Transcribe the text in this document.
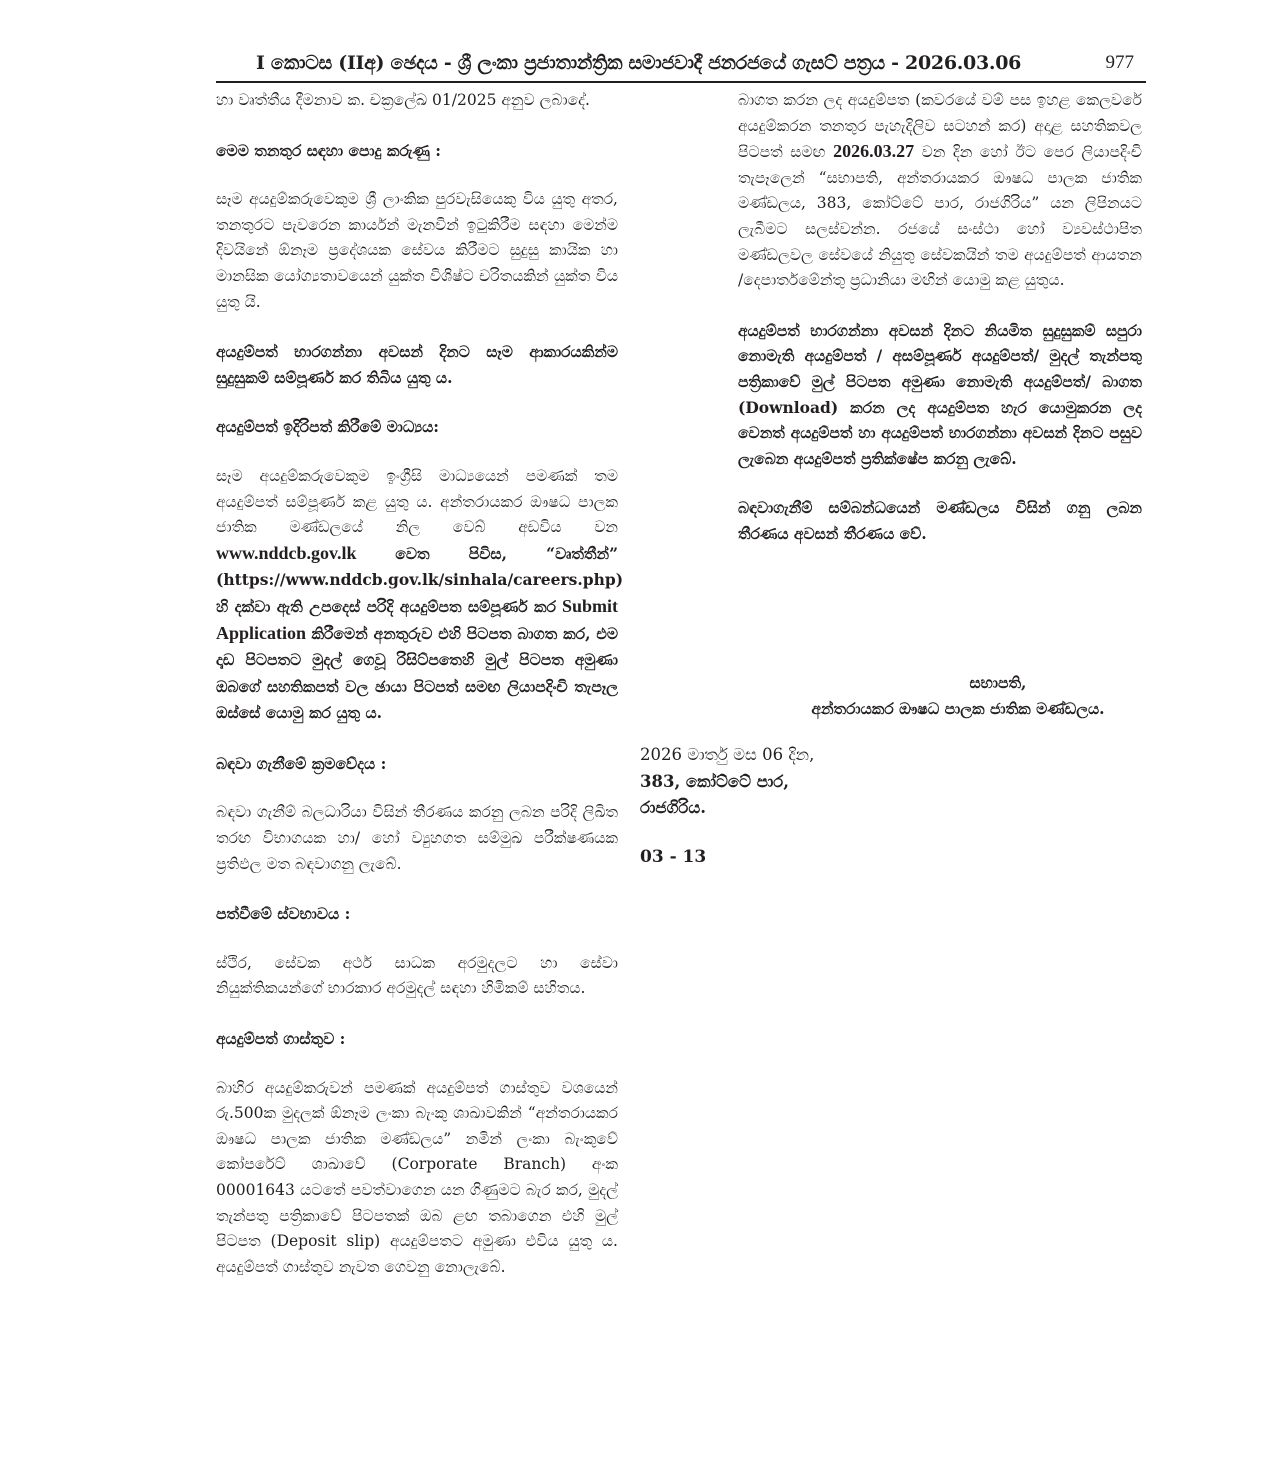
I කොටස (IIඅ) ඡෙදය - ශ්‍රී ලංකා ප්‍රජාතාන්ත්‍රික සමාජවාදී ජනරජයේ ගැසට් පත්‍රය - 2026.03.06	977

හා වෘත්තීය දීමනාව ක. චක්‍රලේඛ 01/2025 අනුව ලබාදේ.

මෙම තනතුර සඳහා පොදු කරුණු :

සෑම අයදුම්කරුවෙකුම ශ්‍රී ලාංකික පුරවැසියෙකු විය යුතු අතර, තනතුරට පැවරෙන කාර්යන් මැනවින් ඉටුකිරීම සඳහා මෙන්ම දිවයිනේ ඕනෑම ප්‍රදේශයක සේවය කිරීමට සුදුසු කායික හා මානසික යෝග්‍යතාවයෙන් යුක්ත විශිෂ්ට චරිතයකින් යුක්ත විය යුතු යි.

අයදුම්පත් භාරගන්නා අවසන් දිනට සෑම ආකාරයකින්ම සුදුසුකම් සම්පූර්ණ කර තිබිය යුතු ය.

අයදුම්පත් ඉදිරිපත් කිරීමේ මාධ්‍යය:

සෑම අයදුම්කරුවෙකුම ඉංග්‍රීසි මාධ්‍යයෙන් පමණක් තම අයදුම්පත් සම්පූර්ණ කළ යුතු ය. අන්තරායකර ඖෂධ පාලක ජාතික මණ්ඩලයේ නිල වෙබ් අඩවිය වන www.nddcb.gov.lk වෙත පිවිස, “වෘත්තීන්” (https://www.nddcb.gov.lk/sinhala/careers.php) හි දක්වා ඇති උපදෙස් පරිදි අයදුම්පත සම්පූර්ණ කර Submit Application කිරීමෙන් අනතුරුව එහි පිටපත බාගත කර, එම දෘඩ පිටපතට මුදල් ගෙවූ රිසිට්පතෙහි මුල් පිටපත අමුණා ඔබගේ සහතිකපත් වල ඡායා පිටපත් සමඟ ලියාපදිංචි තැපෑල ඔස්සේ යොමු කර යුතු ය.

බඳවා ගැනීමේ ක්‍රමවේදය :

බඳවා ගැනීම් බලධාරියා විසින් තීරණය කරනු ලබන පරිදි ලිඛිත තරඟ විභාගයක හා/ හෝ ව්‍යුහගත සම්මුඛ පරීක්ෂණයක ප්‍රතිඵල මත බඳවාගනු ලැබේ.

පත්වීමේ ස්වභාවය :

ස්ථිර, සේවක අර්ථ සාධක අරමුදලට හා සේවා නියුක්තිකයන්ගේ භාරකාර අරමුදල් සඳහා හිමිකම් සහිතය.

අයදුම්පත් ගාස්තුව :

බාහිර අයදුම්කරුවන් පමණක් අයදුම්පත් ගාස්තුව වශයෙන් රු.500ක මුදලක් ඕනෑම ලංකා බැංකු ශාඛාවකින් “අන්තරායකර ඖෂධ පාලක ජාතික මණ්ඩලය” නමින් ලංකා බැංකුවේ කෝපරේට් ශාඛාවේ (Corporate Branch) අංක 00001643 යටතේ පවත්වාගෙන යන ගිණුමට බැර කර, මුදල් තැන්පතු පත්‍රිකාවේ පිටපතක් ඔබ ළඟ තබාගෙන එහි මුල් පිටපත (Deposit slip) අයදුම්පතට අමුණා එවිය යුතු ය. අයදුම්පත් ගාස්තුව නැවත ගෙවනු නොලැබේ.

බාගත කරන ලද අයදුම්පත (කවරයේ වම් පස ඉහළ කෙලවරේ අයදුම්කරන තනතුර පැහැදිලිව සටහන් කර) අදාළ සහතිකවල පිටපත් සමඟ 2026.03.27 වන දින හෝ ඊට පෙර ලියාපදිංචි තැපෑලෙන් “සභාපති, අන්තරායකර ඖෂධ පාලක ජාතික මණ්ඩලය, 383, කෝට්ටේ පාර, රාජගිරිය” යන ලිපිනයට ලැබීමට සලස්වන්න. රජයේ සංස්ථා හෝ ව්‍යවස්ථාපිත මණ්ඩලවල සේවයේ නියුතු සේවකයින් තම අයදුම්පත් ආයතන /දෙපාර්තමේන්තු ප්‍රධානියා මඟින් යොමු කළ යුතුය.

අයදුම්පත් භාරගන්නා අවසන් දිනට නියමිත සුදුසුකම් සපුරා නොමැති අයදුම්පත් / අසම්පූර්ණ අයදුම්පත්/ මුදල් තැන්පතු පත්‍රිකාවේ මුල් පිටපත අමුණා නොමැති අයදුම්පත්/ බාගත (Download) කරන ලද අයදුම්පත හැර යොමුකරන ලද වෙනත් අයදුම්පත් හා අයදුම්පත් භාරගන්නා අවසන් දිනට පසුව ලැබෙන අයදුම්පත් ප්‍රතික්ෂේප කරනු ලැබේ.

බඳවාගැනීම් සම්බන්ධයෙන් මණ්ඩලය විසින් ගනු ලබන තීරණය අවසන් තීරණය වේ.

සභාපති,
අන්තරායකර ඖෂධ පාලක ජාතික මණ්ඩලය.
2026 මාර්තු මස 06 දින,
383, කෝට්ටේ පාර,
රාජගිරිය.
03 - 13
